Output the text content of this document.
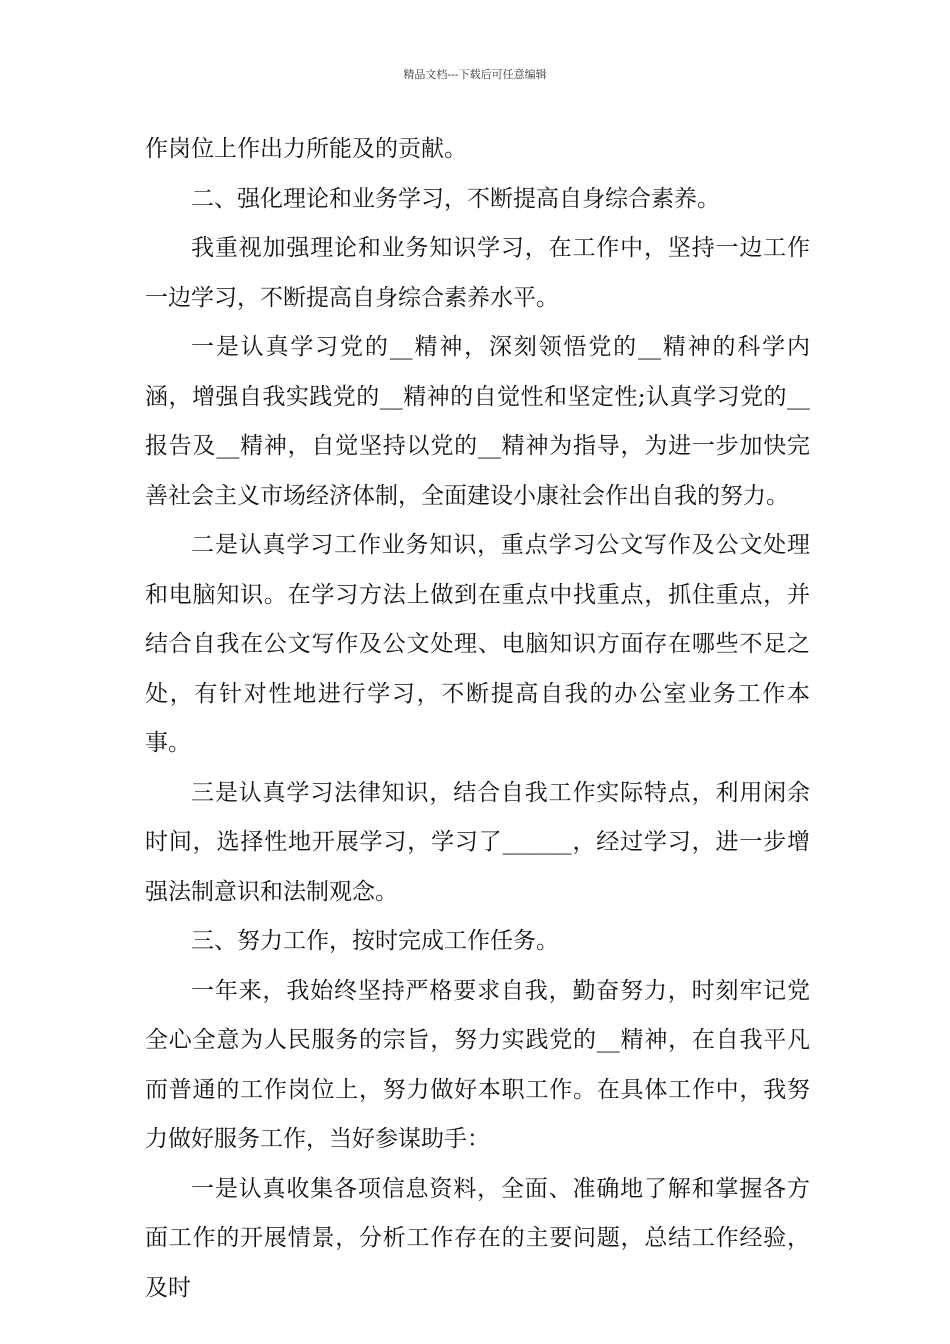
精品文档---下载后可任意编辑

作岗位上作出力所能及的贡献。

二、强化理论和业务学习，不断提高自身综合素养。

我重视加强理论和业务知识学习，在工作中，坚持一边工作一边学习，不断提高自身综合素养水平。

一是认真学习党的__精神，深刻领悟党的__精神的科学内涵，增强自我实践党的__精神的自觉性和坚定性;认真学习党的__报告及__精神，自觉坚持以党的__精神为指导，为进一步加快完善社会主义市场经济体制，全面建设小康社会作出自我的努力。

二是认真学习工作业务知识，重点学习公文写作及公文处理和电脑知识。在学习方法上做到在重点中找重点，抓住重点，并结合自我在公文写作及公文处理、电脑知识方面存在哪些不足之处，有针对性地进行学习，不断提高自我的办公室业务工作本事。

三是认真学习法律知识，结合自我工作实际特点，利用闲余时间，选择性地开展学习，学习了______，经过学习，进一步增强法制意识和法制观念。

三、努力工作，按时完成工作任务。

一年来，我始终坚持严格要求自我，勤奋努力，时刻牢记党全心全意为人民服务的宗旨，努力实践党的__精神，在自我平凡而普通的工作岗位上，努力做好本职工作。在具体工作中，我努力做好服务工作，当好参谋助手：

一是认真收集各项信息资料，全面、准确地了解和掌握各方面工作的开展情景，分析工作存在的主要问题，总结工作经验，及时
